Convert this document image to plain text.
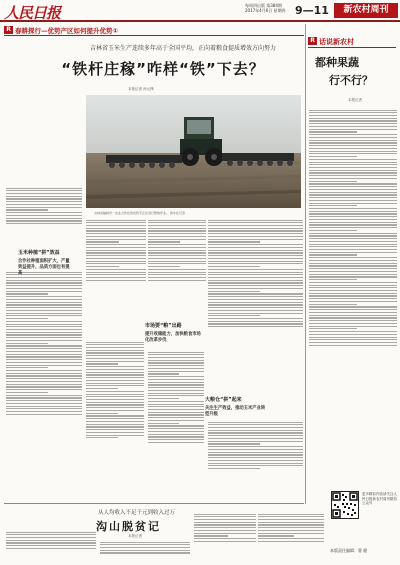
人民日报	每周四出版 第384期
2017年4月6日 星期四 9—11	新农村周刊
R 春耕探行—优势产区如何提升优势①
吉林省玉米生产连续多年高于全国平均，正向着粮食提质增效方向努力
“铁杆庄稼”咋样“铁”下去？
本报记者 孙元锋
吉林省榆树市一农业合作社的农机手正在进行整地作业。 新华社记者
玉米种植“拼”效益
合作社种植面积扩大，产量效益提升，品质方面也有提高
市场要“粮”出路
提升收储能力，加快粮食市场化改革步伐
大粮仓“拼”起来
关注生产效益，推动玉米产业转型升级
R 话说新农村
都种果蔬
行不行？
本报记者
从人均收入不足千元到收入过万
沟山脱贫记
本报记者
更多精彩内容请关注人民日报新农村周刊微信公众号
本版责任编辑：曹 健
